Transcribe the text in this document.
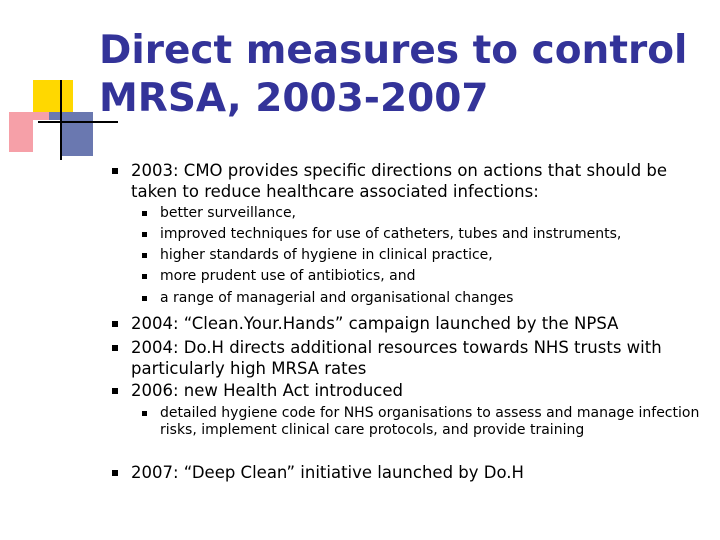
Direct measures to control MRSA, 2003-2007
2003: CMO provides specific directions on actions that should be taken to reduce healthcare associated infections:
better surveillance,
improved techniques for use of catheters, tubes and instruments,
higher standards of hygiene in clinical practice,
more prudent use of antibiotics, and
a range of managerial and organisational changes
2004: “Clean.Your.Hands” campaign launched by the NPSA
2004: Do.H directs additional resources towards NHS trusts with particularly high MRSA rates
2006: new Health Act introduced
detailed hygiene code for NHS organisations to assess and manage infection risks, implement clinical care protocols, and provide training
2007: “Deep Clean” initiative launched by Do.H
